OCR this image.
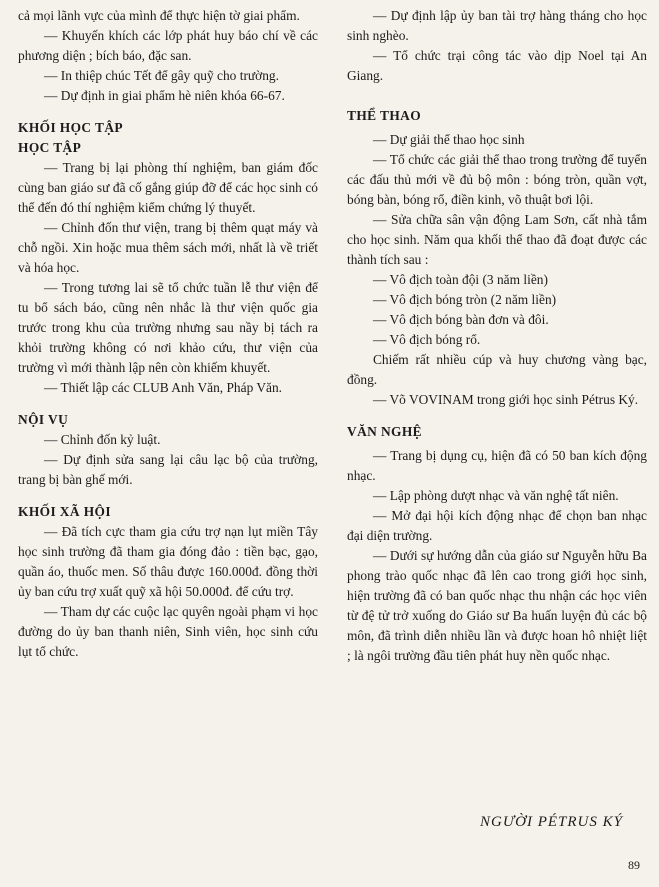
cả mọi lãnh vực của mình để thực hiện tờ giai phẩm.

— Khuyến khích các lớp phát huy báo chí về các phương diện ; bích báo, đặc san.

— In thiệp chúc Tết để gây quỹ cho trường.

— Dự định in giai phẩm hè niên khóa 66-67.

KHỐI HỌC TẬP
HỌC TẬP

— Trang bị lại phòng thí nghiệm, ban giám đốc cùng ban giáo sư đã cố gắng giúp đỡ để các học sinh có thể đến đó thí nghiệm kiểm chứng lý thuyết.

— Chỉnh đốn thư viện, trang bị thêm quạt máy và chỗ ngồi. Xin hoặc mua thêm sách mới, nhất là về triết và hóa học.

— Trong tương lai sẽ tổ chức tuần lễ thư viện để tu bổ sách báo, cũng nên nhắc là thư viện quốc gia trước trong khu của trường nhưng sau nầy bị tách ra khỏi trường không có nơi khảo cứu, thư viện của trường vì mới thành lập nên còn khiếm khuyết.

— Thiết lập các CLUB Anh Văn, Pháp Văn.

NỘI VỤ

— Chỉnh đốn kỷ luật.

— Dự định sửa sang lại câu lạc bộ của trường, trang bị bàn ghế mới.

KHỐI XÃ HỘI

— Đã tích cực tham gia cứu trợ nạn lụt miền Tây học sinh trường đã tham gia đóng đảo : tiền bạc, gạo, quần áo, thuốc men. Số thâu được 160.000đ. đồng thời ủy ban cứu trợ xuất quỹ xã hội 50.000đ. để cứu trợ.

— Tham dự các cuộc lạc quyên ngoài phạm vi học đường do ủy ban thanh niên, Sinh viên, học sinh cứu lụt tổ chức.

— Dự định lập ủy ban tài trợ hàng tháng cho học sinh nghèo.

— Tổ chức trại công tác vào dịp Noel tại An Giang.

THỂ THAO

— Dự giải thể thao học sinh

— Tổ chức các giải thể thao trong trường để tuyển các đấu thủ mới về đủ bộ môn : bóng tròn, quần vợt, bóng bàn, bóng rổ, điền kinh, võ thuật bơi lội.

— Sửa chữa sân vận động Lam Sơn, cất nhà tắm cho học sinh. Năm qua khối thể thao đã đoạt được các thành tích sau :

— Vô địch toàn đội (3 năm liền)

— Vô địch bóng tròn (2 năm liền)

— Vô địch bóng bàn đơn và đôi.

— Vô địch bóng rổ.

Chiếm rất nhiều cúp và huy chương vàng bạc, đồng.

— Võ VOVINAM trong giới học sinh Pétrus Ký.

VĂN NGHỆ

— Trang bị dụng cụ, hiện đã có 50 ban kích động nhạc.

— Lập phòng dượt nhạc và văn nghệ tất niên.

— Mở đại hội kích động nhạc để chọn ban nhạc đại diện trường.

— Dưới sự hướng dẫn của giáo sư Nguyễn hữu Ba phong trào quốc nhạc đã lên cao trong giới học sinh, hiện trường đã có ban quốc nhạc thu nhận các học viên từ đệ tử trở xuống do Giáo sư Ba huấn luyện đủ các bộ môn, đã trình diễn nhiều lần và được hoan hô nhiệt liệt ; là ngôi trường đầu tiên phát huy nền quốc nhạc.

NGƯỜI PÉTRUS KÝ
89
